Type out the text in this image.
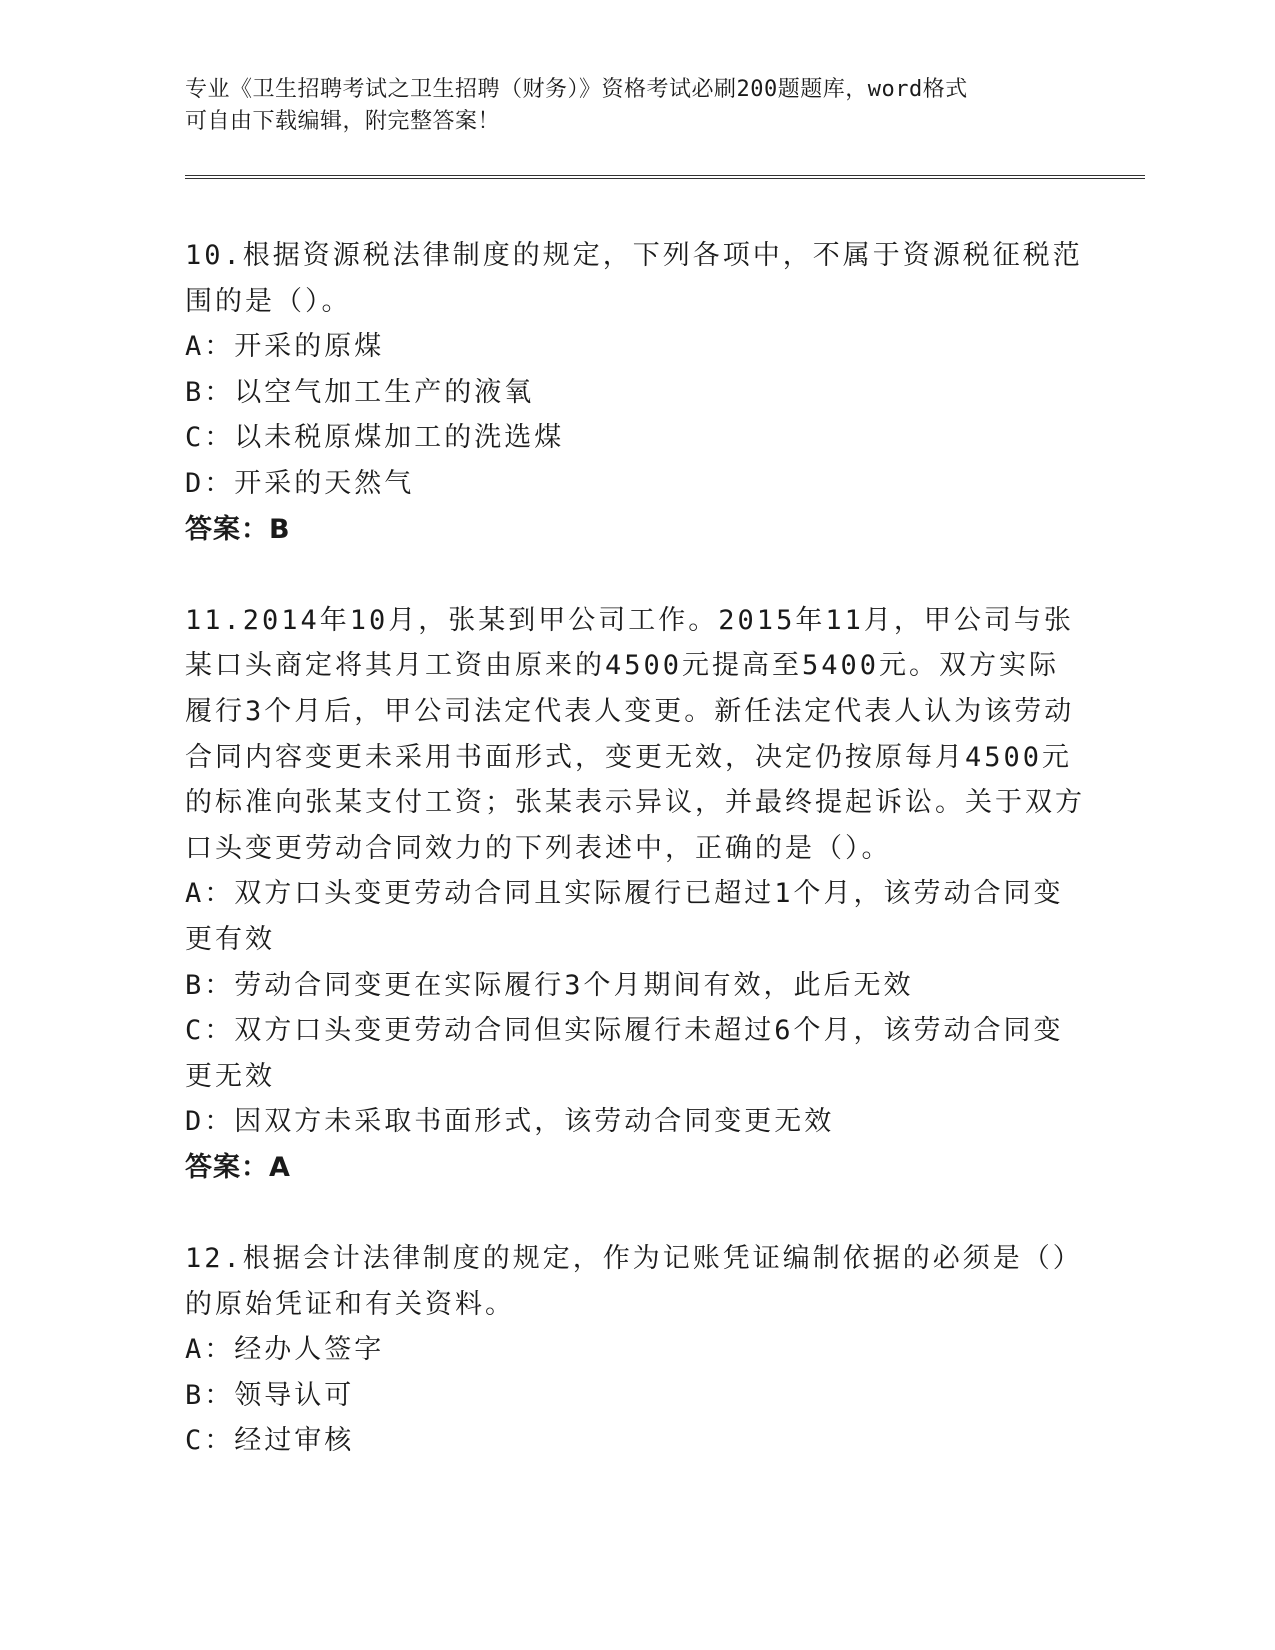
专业《卫生招聘考试之卫生招聘（财务）》资格考试必刷200题题库，word格式
可自由下载编辑，附完整答案！

10.根据资源税法律制度的规定，下列各项中，不属于资源税征税范围的是（）。

A：开采的原煤

B：以空气加工生产的液氧

C：以未税原煤加工的洗选煤

D：开采的天然气

答案：B

11.2014年10月，张某到甲公司工作。2015年11月，甲公司与张某口头商定将其月工资由原来的4500元提高至5400元。双方实际履行3个月后，甲公司法定代表人变更。新任法定代表人认为该劳动合同内容变更未采用书面形式，变更无效，决定仍按原每月4500元的标准向张某支付工资；张某表示异议，并最终提起诉讼。关于双方口头变更劳动合同效力的下列表述中，正确的是（）。

A：双方口头变更劳动合同且实际履行已超过1个月，该劳动合同变更有效

B：劳动合同变更在实际履行3个月期间有效，此后无效

C：双方口头变更劳动合同但实际履行未超过6个月，该劳动合同变更无效

D：因双方未采取书面形式，该劳动合同变更无效

答案：A

12.根据会计法律制度的规定，作为记账凭证编制依据的必须是（）的原始凭证和有关资料。

A：经办人签字

B：领导认可

C：经过审核
